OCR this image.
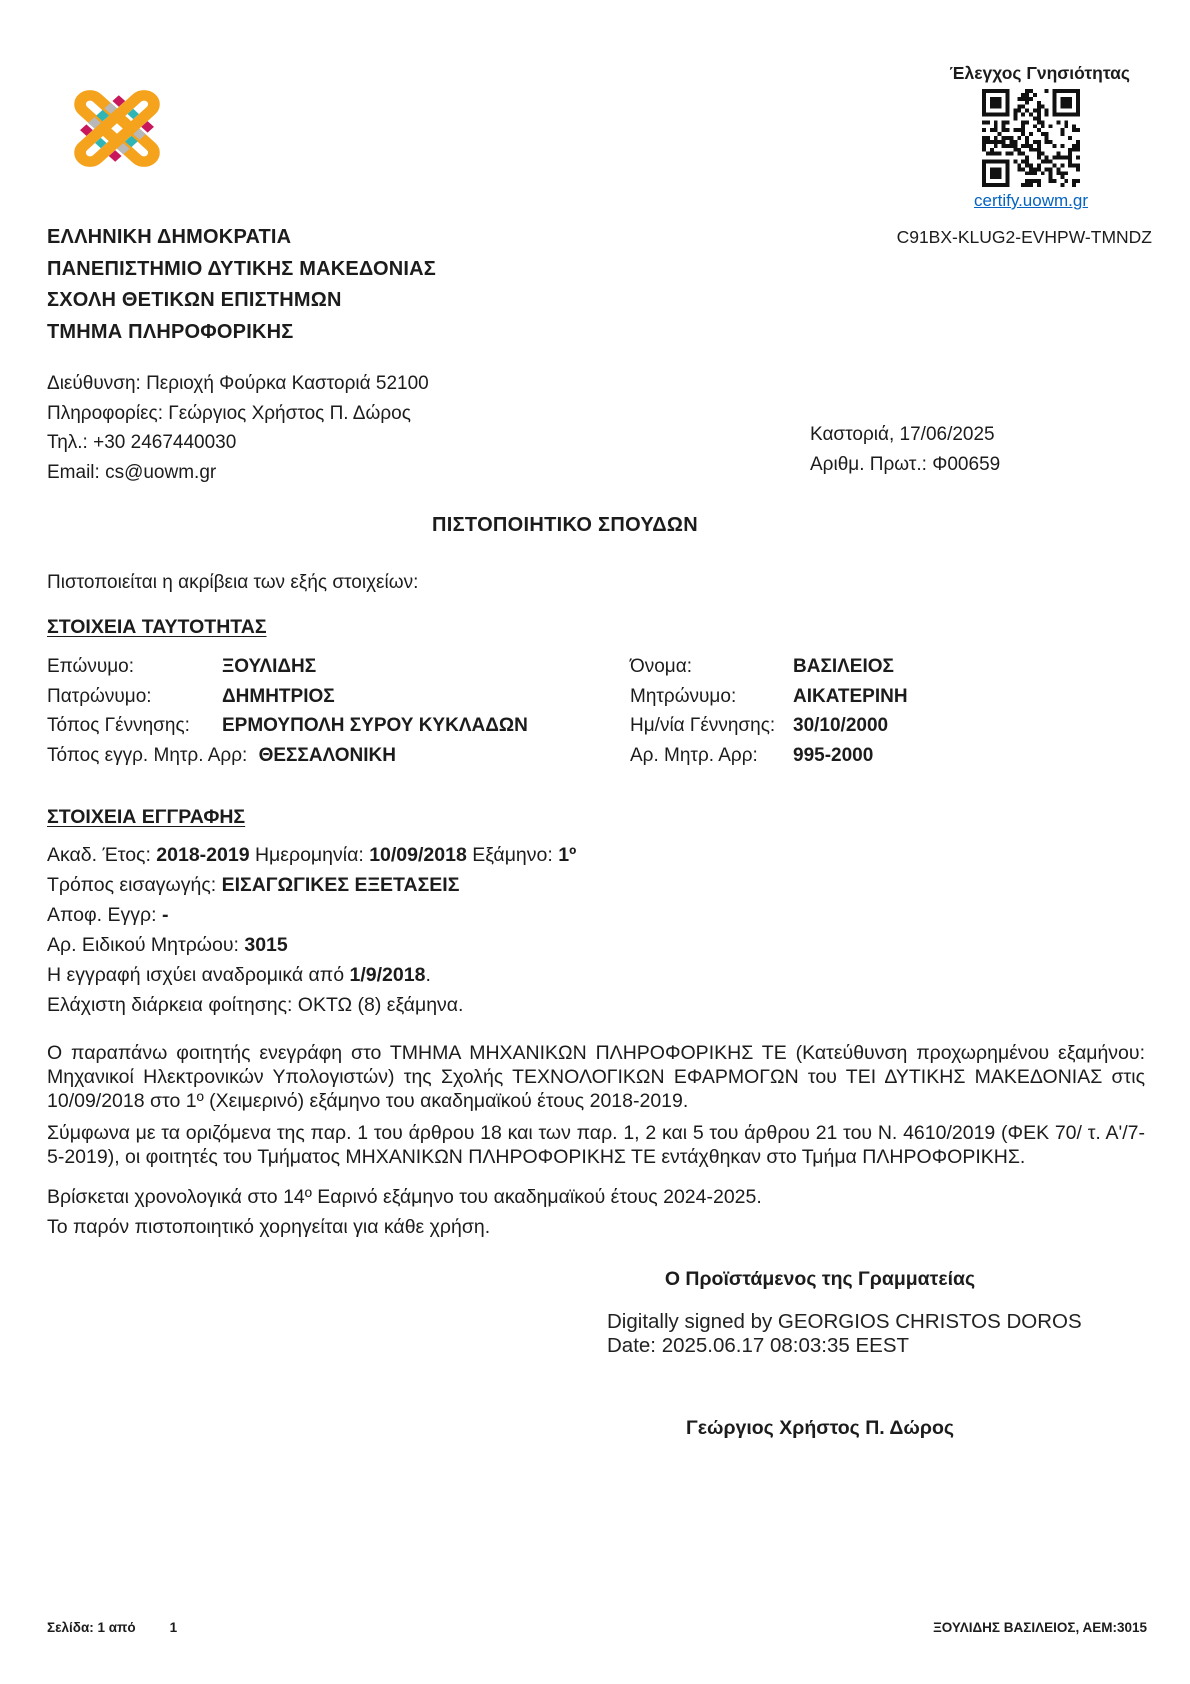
Έλεγχος Γνησιότητας
certify.uowm.gr
C91BX-KLUG2-EVHPW-TMNDZ
ΕΛΛΗΝΙΚΗ ΔΗΜΟΚΡΑΤΙΑ
ΠΑΝΕΠΙΣΤΗΜΙΟ ΔΥΤΙΚΗΣ ΜΑΚΕΔΟΝΙΑΣ
ΣΧΟΛΗ ΘΕΤΙΚΩΝ ΕΠΙΣΤΗΜΩΝ
ΤΜΗΜΑ ΠΛΗΡΟΦΟΡΙΚΗΣ
Διεύθυνση: Περιοχή Φούρκα Καστοριά 52100
Πληροφορίες: Γεώργιος Χρήστος Π. Δώρος
Τηλ.: +30 2467440030
Email: cs@uowm.gr
Καστοριά, 17/06/2025
Αριθμ. Πρωτ.: Φ00659
ΠΙΣΤΟΠΟΙΗΤΙΚΟ ΣΠΟΥΔΩΝ
Πιστοποιείται η ακρίβεια των εξής στοιχείων:
ΣΤΟΙΧΕΙΑ ΤΑΥΤΟΤΗΤΑΣ
Επώνυμο:	ΞΟΥΛΙΔΗΣ	Όνομα:	ΒΑΣΙΛΕΙΟΣ
Πατρώνυμο:	ΔΗΜΗΤΡΙΟΣ	Μητρώνυμο:	ΑΙΚΑΤΕΡΙΝΗ
Τόπος Γέννησης: ΕΡΜΟΥΠΟΛΗ ΣΥΡΟΥ ΚΥΚΛΑΔΩΝ	Ημ/νία Γέννησης: 30/10/2000
Τόπος εγγρ. Μητρ. Αρρ: ΘΕΣΣΑΛΟΝΙΚΗ	Αρ. Μητρ. Αρρ: 995-2000
ΣΤΟΙΧΕΙΑ ΕΓΓΡΑΦΗΣ
Ακαδ. Έτος: 2018-2019 Ημερομηνία: 10/09/2018 Εξάμηνο: 1º
Τρόπος εισαγωγής: ΕΙΣΑΓΩΓΙΚΕΣ ΕΞΕΤΑΣΕΙΣ
Αποφ. Εγγρ: -
Αρ. Ειδικού Μητρώου: 3015
Η εγγραφή ισχύει αναδρομικά από 1/9/2018.
Ελάχιστη διάρκεια φοίτησης: ΟΚΤΩ (8) εξάμηνα.
Ο παραπάνω φοιτητής ενεγράφη στο ΤΜΗΜΑ ΜΗΧΑΝΙΚΩΝ ΠΛΗΡΟΦΟΡΙΚΗΣ ΤΕ (Κατεύθυνση προχωρημένου εξαμήνου: Μηχανικοί Ηλεκτρονικών Υπολογιστών) της Σχολής ΤΕΧΝΟΛΟΓΙΚΩΝ ΕΦΑΡΜΟΓΩΝ του ΤΕΙ ΔΥΤΙΚΗΣ ΜΑΚΕΔΟΝΙΑΣ στις 10/09/2018 στο 1º (Χειμερινό) εξάμηνο του ακαδημαϊκού έτους 2018-2019.
Σύμφωνα με τα οριζόμενα της παρ. 1 του άρθρου 18 και των παρ. 1, 2 και 5 του άρθρου 21 του Ν. 4610/2019 (ΦΕΚ 70/ τ. Α'/7-5-2019), οι φοιτητές του Τμήματος ΜΗΧΑΝΙΚΩΝ ΠΛΗΡΟΦΟΡΙΚΗΣ ΤΕ εντάχθηκαν στο Τμήμα ΠΛΗΡΟΦΟΡΙΚΗΣ.
Βρίσκεται χρονολογικά στο 14º Εαρινό εξάμηνο του ακαδημαϊκού έτους 2024-2025.
Το παρόν πιστοποιητικό χορηγείται για κάθε χρήση.
Ο Προϊστάμενος της Γραμματείας
Digitally signed by GEORGIOS CHRISTOS DOROS
Date: 2025.06.17 08:03:35 EEST
Γεώργιος Χρήστος Π. Δώρος
Σελίδα: 1 από	1	ΞΟΥΛΙΔΗΣ ΒΑΣΙΛΕΙΟΣ, ΑΕΜ:3015
